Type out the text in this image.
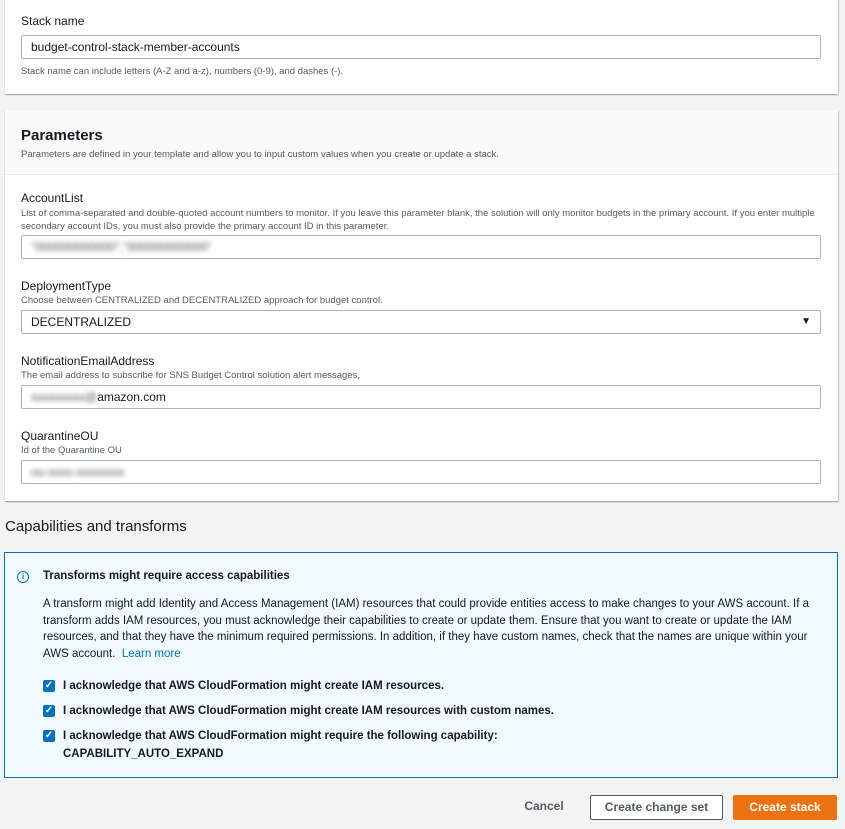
Stack name
budget-control-stack-member-accounts
Stack name can include letters (A-Z and a-z), numbers (0-9), and dashes (-).
Parameters
Parameters are defined in your template and allow you to input custom values when you create or update a stack.
AccountList
List of comma-separated and double-quoted account numbers to monitor. If you leave this parameter blank, the solution will only monitor budgets in the primary account. If you enter multiple secondary account IDs, you must also provide the primary account ID in this parameter.
"000000000000","000000000000"
DeploymentType
Choose between CENTRALIZED and DECENTRALIZED approach for budget control.
DECENTRALIZED	▼
NotificationEmailAddress
The email address to subscribe for SNS Budget Control solution alert messages,
xxxxxxxxx@amazon.com
QuarantineOU
Id of the Quarantine OU
ou-xxxx-xxxxxxxx
Capabilities and transforms
i	Transforms might require access capabilities
A transform might add Identity and Access Management (IAM) resources that could provide entities access to make changes to your AWS account. If a transform adds IAM resources, you must acknowledge their capabilities to create or update them. Ensure that you want to create or update the IAM resources, and that they have the minimum required permissions. In addition, if they have custom names, check that the names are unique within your AWS account. Learn more
✓ I acknowledge that AWS CloudFormation might create IAM resources.
✓ I acknowledge that AWS CloudFormation might create IAM resources with custom names.
✓ I acknowledge that AWS CloudFormation might require the following capability:
CAPABILITY_AUTO_EXPAND
Cancel	Create change set	Create stack
